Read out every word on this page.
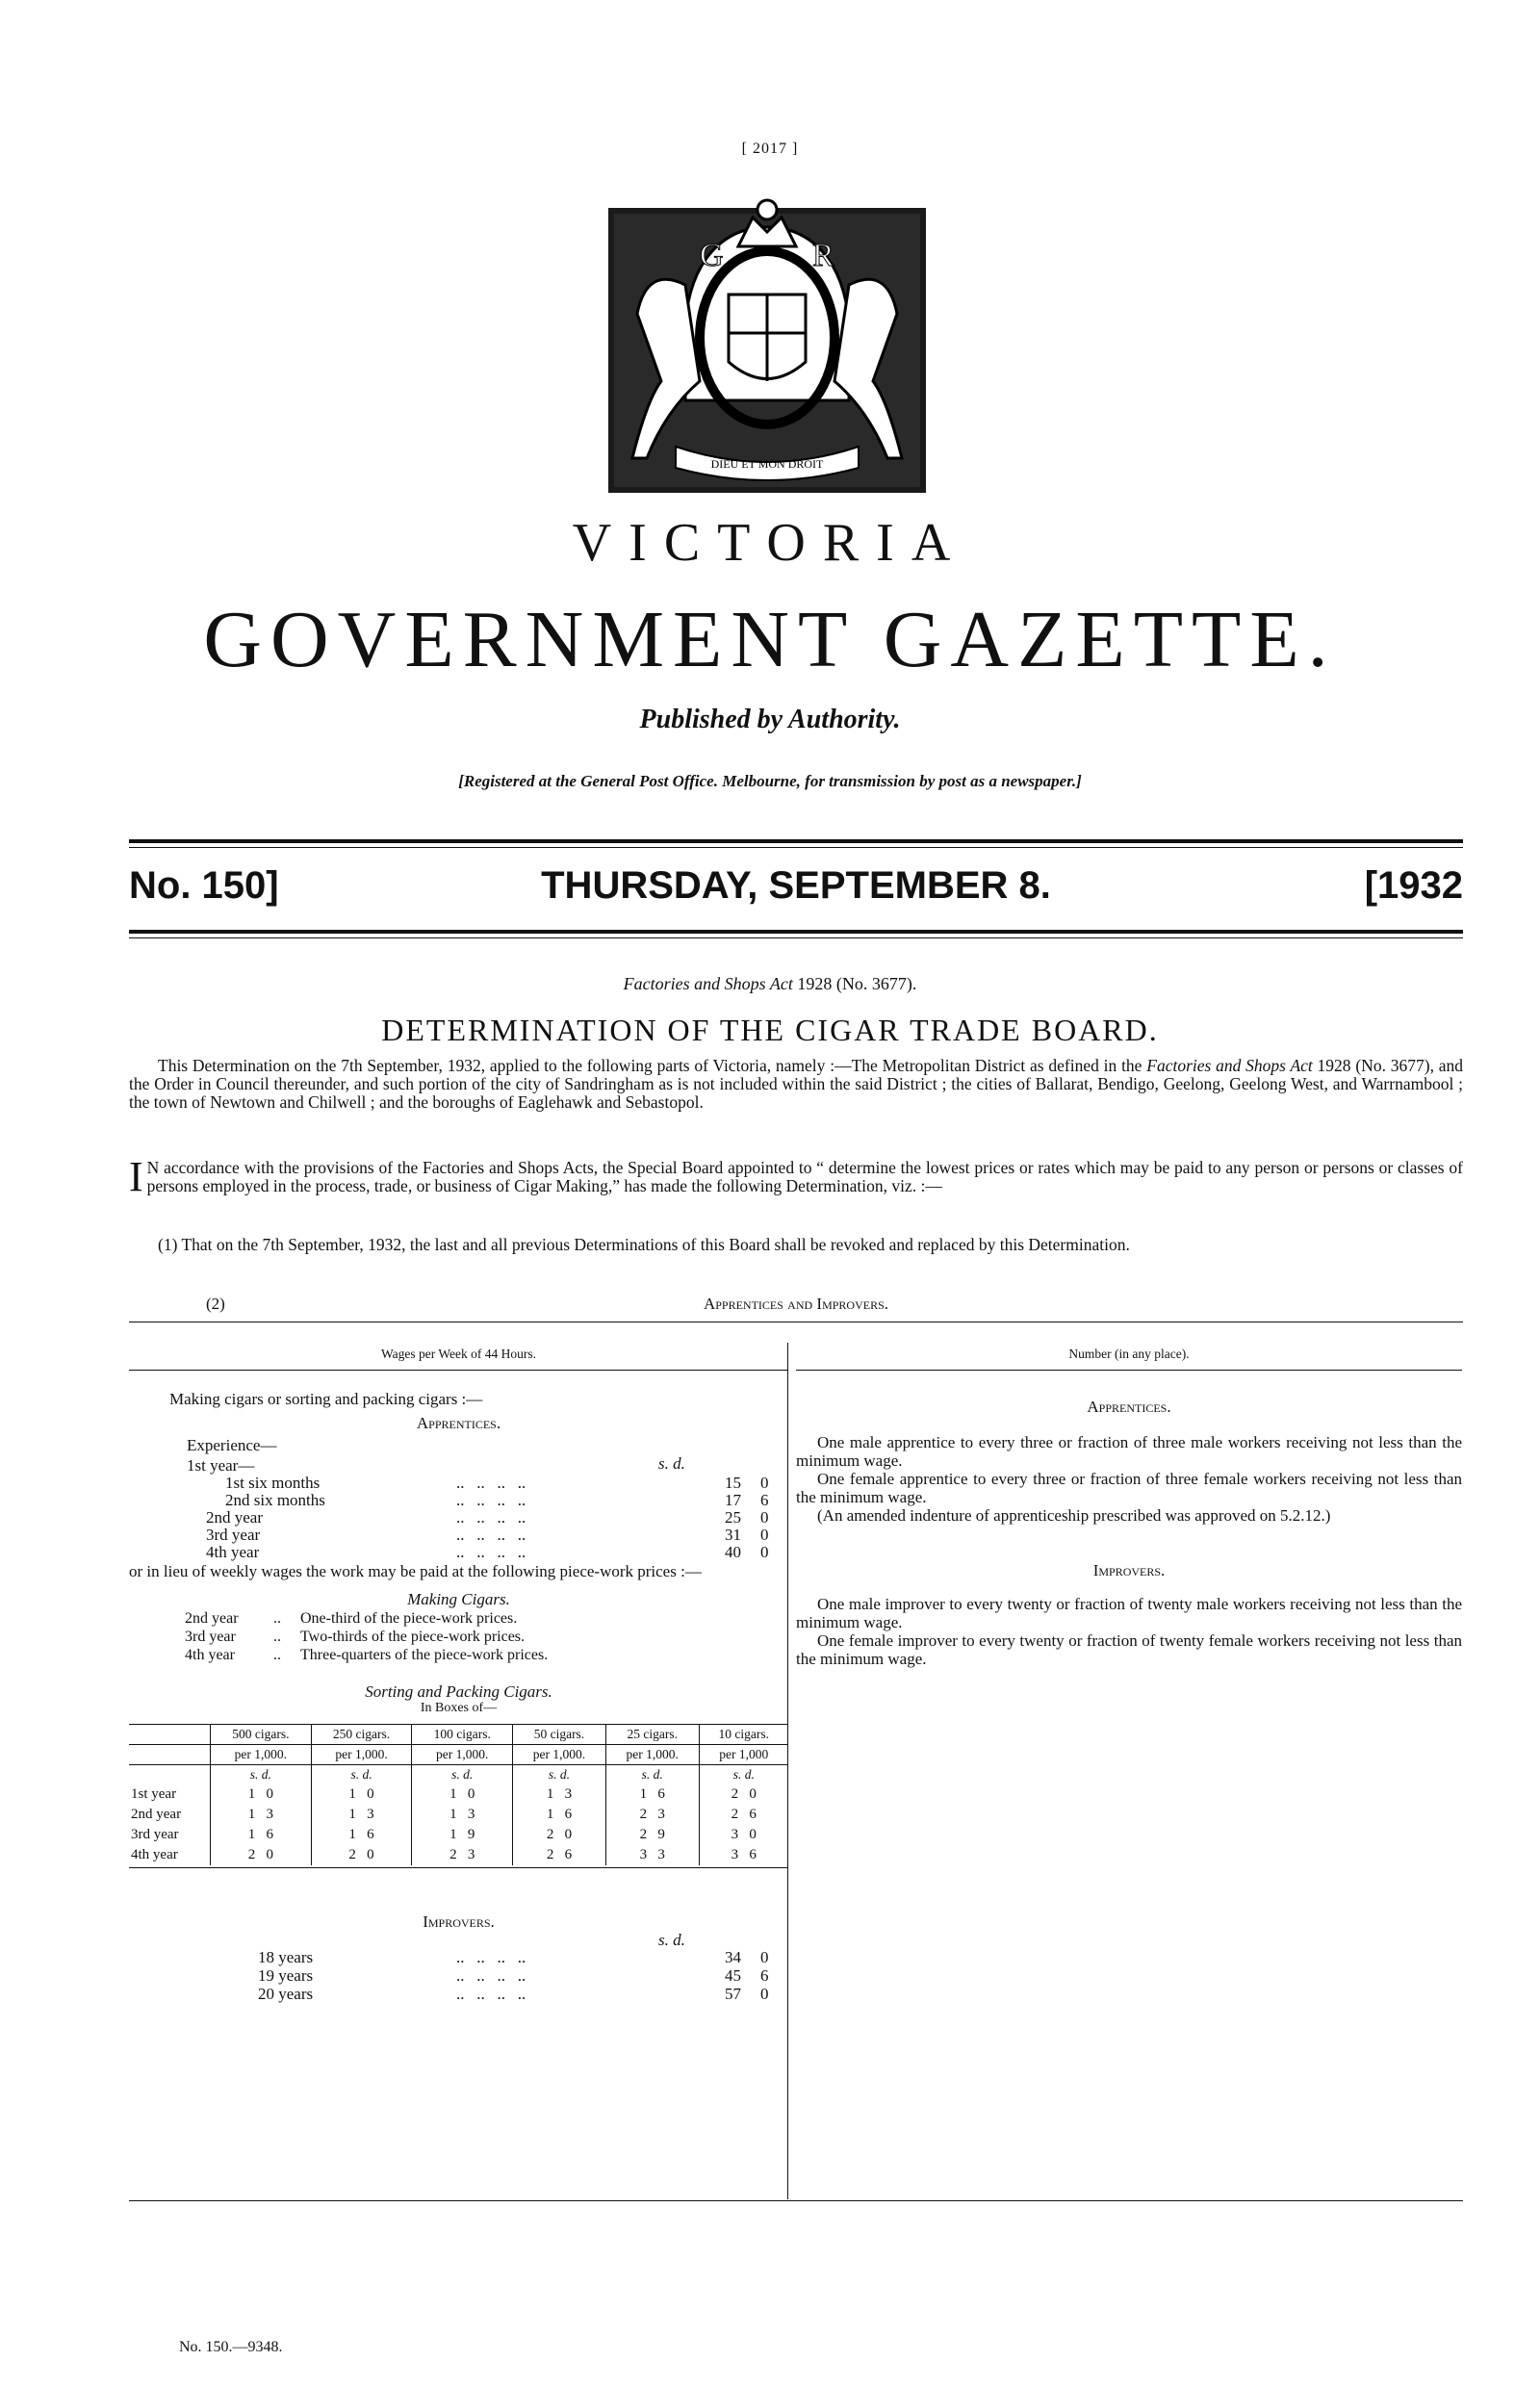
[ 2017 ]
G	R
DIEU ET MON DROIT
VICTORIA
GOVERNMENT GAZETTE.
Published by Authority.
[Registered at the General Post Office. Melbourne, for transmission by post as a newspaper.]
No. 150]	THURSDAY, SEPTEMBER 8.	[1932
Factories and Shops Act 1928 (No. 3677).
DETERMINATION OF THE CIGAR TRADE BOARD.
This Determination on the 7th September, 1932, applied to the following parts of Victoria, namely :—The Metropolitan District as defined in the Factories and Shops Act 1928 (No. 3677), and the Order in Council thereunder, and such portion of the city of Sandringham as is not included within the said District ; the cities of Ballarat, Bendigo, Geelong, Geelong West, and Warrnambool ; the town of Newtown and Chilwell ; and the boroughs of Eaglehawk and Sebastopol.
I N accordance with the provisions of the Factories and Shops Acts, the Special Board appointed to “ determine the lowest prices or rates which may be paid to any person or persons or classes of persons employed in the process, trade, or business of Cigar Making,” has made the following Determination, viz. :—
(1) That on the 7th September, 1932, the last and all previous Determinations of this Board shall be revoked and replaced by this Determination.
(2)	Apprentices and Improvers.
Wages per Week of 44 Hours.
Making cigars or sorting and packing cigars :—
Apprentices.
Experience—
s. d.
1st year—
1st six months	..   ..   ..   ..	15 0
2nd six months	..   ..   ..   ..	17 6
2nd year	..   ..   ..   ..	25 0
3rd year	..   ..   ..   ..	31 0
4th year	..   ..   ..   ..	40 0
or in lieu of weekly wages the work may be paid at the following piece-work prices :—
Making Cigars.
2nd year .. One-third of the piece-work prices.
3rd year .. Two-thirds of the piece-work prices.
4th year	.. Three-quarters of the piece-work prices.
Sorting and Packing Cigars.
In Boxes of—
	500 cigars.	250 cigars.	100 cigars.	50 cigars.	25 cigars.	10 cigars.
	per 1,000.	per 1,000.	per 1,000.	per 1,000.	per 1,000.	per 1,000
	s. d.	s. d.	s. d.	s. d.	s. d.	s. d.
1st year	1   0	1   0	1   0	1   3	1   6	2   0
2nd year	1   3	1   3	1   3	1   6	2   3	2   6
3rd year	1   6	1   6	1   9	2   0	2   9	3   0
4th year	2   0	2   0	2   3	2   6	3   3	3   6
Improvers.
s. d.
18 years	..   ..   ..   ..	34 0
19 years	..   ..   ..   ..	45 6
20 years	..   ..   ..   ..	57 0
Number (in any place).
Apprentices.
One male apprentice to every three or fraction of three male workers receiving not less than the minimum wage.
One female apprentice to every three or fraction of three female workers receiving not less than the minimum wage.
(An amended indenture of apprenticeship prescribed was approved on 5.2.12.)
Improvers.
One male improver to every twenty or fraction of twenty male workers receiving not less than the minimum wage.
One female improver to every twenty or fraction of twenty female workers receiving not less than the minimum wage.
No. 150.—9348.
